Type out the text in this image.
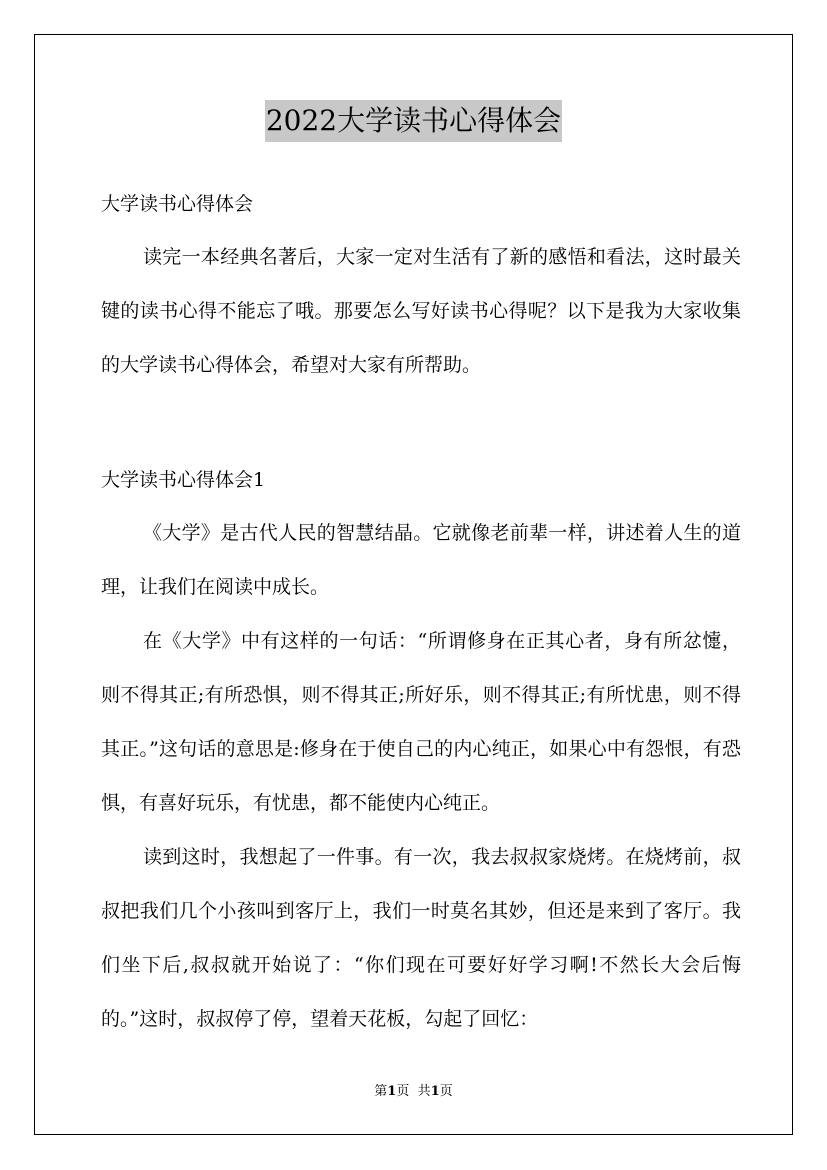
2022大学读书心得体会

大学读书心得体会

读完一本经典名著后，大家一定对生活有了新的感悟和看法，这时最关键的读书心得不能忘了哦。那要怎么写好读书心得呢？以下是我为大家收集的大学读书心得体会，希望对大家有所帮助。

大学读书心得体会1

《大学》是古代人民的智慧结晶。它就像老前辈一样，讲述着人生的道理，让我们在阅读中成长。

在《大学》中有这样的一句话：“所谓修身在正其心者，身有所忿懥，则不得其正;有所恐惧，则不得其正;所好乐，则不得其正;有所忧患，则不得其正。”这句话的意思是:修身在于使自己的内心纯正，如果心中有怨恨，有恐惧，有喜好玩乐，有忧患，都不能使内心纯正。

读到这时，我想起了一件事。有一次，我去叔叔家烧烤。在烧烤前，叔叔把我们几个小孩叫到客厅上，我们一时莫名其妙，但还是来到了客厅。我们坐下后,叔叔就开始说了：“你们现在可要好好学习啊!不然长大会后悔的。”这时，叔叔停了停，望着天花板，勾起了回忆：

第1页 共1页
